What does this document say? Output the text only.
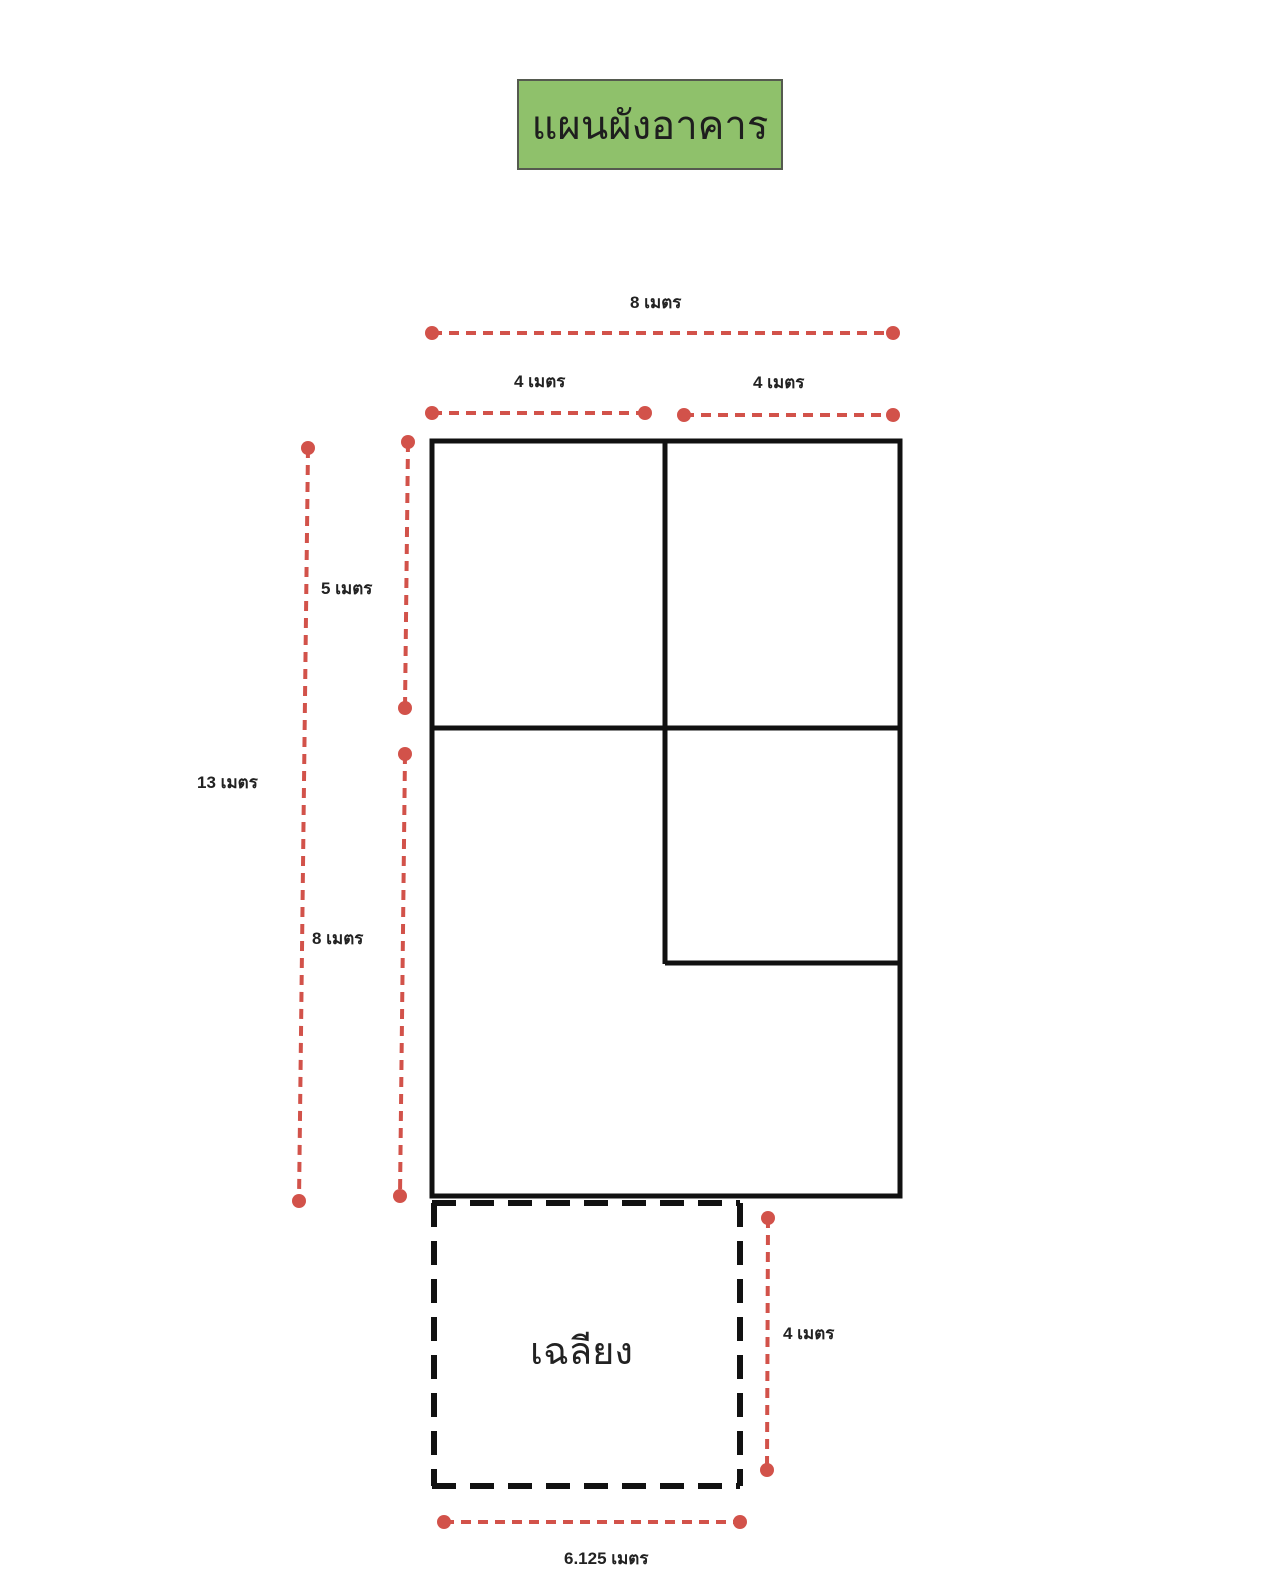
แผนผังอาคาร
8 เมตร
4 เมตร	4 เมตร
5 เมตร
13 เมตร
8 เมตร
4 เมตร
6.125 เมตร
เฉลียง
